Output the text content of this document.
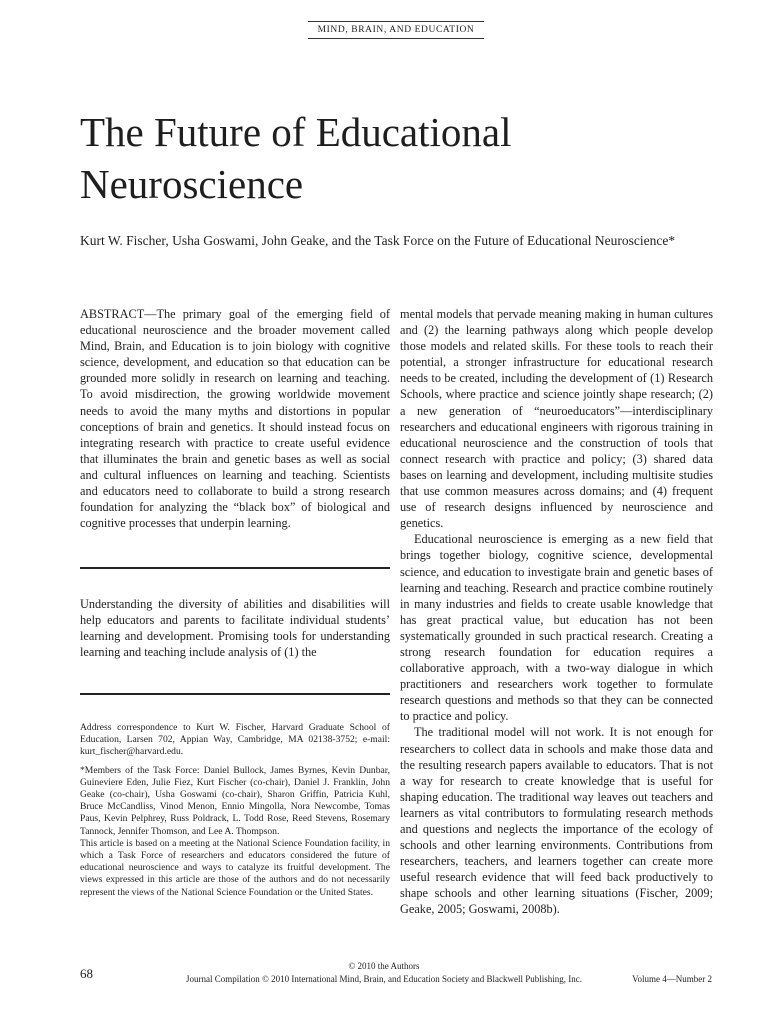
MIND, BRAIN, AND EDUCATION
The Future of Educational
Neuroscience
Kurt W. Fischer, Usha Goswami, John Geake, and the Task Force on the Future of Educational Neuroscience*

ABSTRACT—The primary goal of the emerging field of educational neuroscience and the broader movement called Mind, Brain, and Education is to join biology with cognitive science, development, and education so that education can be grounded more solidly in research on learning and teaching. To avoid misdirection, the growing worldwide movement needs to avoid the many myths and distortions in popular conceptions of brain and genetics. It should instead focus on integrating research with practice to create useful evidence that illuminates the brain and genetic bases as well as social and cultural influences on learning and teaching. Scientists and educators need to collaborate to build a strong research foundation for analyzing the “black box” of biological and cognitive processes that underpin learning.

Understanding the diversity of abilities and disabilities will help educators and parents to facilitate individual students’ learning and development. Promising tools for understanding learning and teaching include analysis of (1) the

Address correspondence to Kurt W. Fischer, Harvard Graduate School of Education, Larsen 702, Appian Way, Cambridge, MA 02138-3752; e-mail: kurt_fischer@harvard.edu.

*Members of the Task Force: Daniel Bullock, James Byrnes, Kevin Dunbar, Guineviere Eden, Julie Fiez, Kurt Fischer (co-chair), Daniel J. Franklin, John Geake (co-chair), Usha Goswami (co-chair), Sharon Griffin, Patricia Kuhl, Bruce McCandliss, Vinod Menon, Ennio Mingolla, Nora Newcombe, Tomas Paus, Kevin Pelphrey, Russ Poldrack, L. Todd Rose, Reed Stevens, Rosemary Tannock, Jennifer Thomson, and Lee A. Thompson.

This article is based on a meeting at the National Science Foundation facility, in which a Task Force of researchers and educators considered the future of educational neuroscience and ways to catalyze its fruitful development. The views expressed in this article are those of the authors and do not necessarily represent the views of the National Science Foundation or the United States.

mental models that pervade meaning making in human cultures and (2) the learning pathways along which people develop those models and related skills. For these tools to reach their potential, a stronger infrastructure for educational research needs to be created, including the development of (1) Research Schools, where practice and science jointly shape research; (2) a new generation of “neuroeducators”—interdisciplinary researchers and educational engineers with rigorous training in educational neuroscience and the construction of tools that connect research with practice and policy; (3) shared data bases on learning and development, including multisite studies that use common measures across domains; and (4) frequent use of research designs influenced by neuroscience and genetics.

Educational neuroscience is emerging as a new field that brings together biology, cognitive science, developmental science, and education to investigate brain and genetic bases of learning and teaching. Research and practice combine routinely in many industries and fields to create usable knowledge that has great practical value, but education has not been systematically grounded in such practical research. Creating a strong research foundation for education requires a collaborative approach, with a two-way dialogue in which practitioners and researchers work together to formulate research questions and methods so that they can be connected to practice and policy.

The traditional model will not work. It is not enough for researchers to collect data in schools and make those data and the resulting research papers available to educators. That is not a way for research to create knowledge that is useful for shaping education. The traditional way leaves out teachers and learners as vital contributors to formulating research methods and questions and neglects the importance of the ecology of schools and other learning environments. Contributions from researchers, teachers, and learners together can create more useful research evidence that will feed back productively to shape schools and other learning situations (Fischer, 2009; Geake, 2005; Goswami, 2008b).

© 2010 the Authors
68	Journal Compilation © 2010 International Mind, Brain, and Education Society and Blackwell Publishing, Inc.	Volume 4—Number 2
